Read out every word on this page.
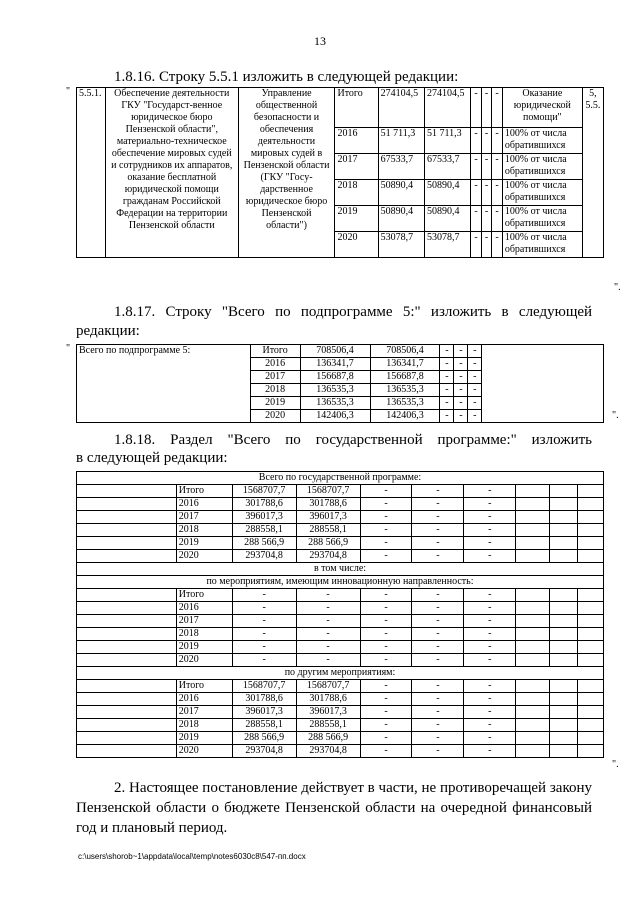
13
1.8.16. Строку 5.5.1 изложить в следующей редакции:
" 5.5.1.	Обеспечение деятельности ГКУ "Государст-венное юридическое бюро Пензенской области", материально-техническое обеспечение мировых судей и сотрудников их аппаратов, оказание бесплатной юридической помощи гражданам Российской Федерации на территории Пензенской области	Управление общественной безопасности и обеспечения деятельности мировых судей в Пензенской области (ГКУ "Госу-дарственное юридическое бюро Пензенской области")	Итого	274104,5	274104,5	-	-	-	Оказание юридической помощи"	5, 5.5.
			2016	51 711,3	51 711,3	-	-	-	100% от числа обратившихся	
			2017	67533,7	67533,7	-	-	-	100% от числа обратившихся	
			2018	50890,4	50890,4	-	-	-	100% от числа обратившихся	
			2019	50890,4	50890,4	-	-	-	100% от числа обратившихся	
			2020	53078,7	53078,7	-	-	-	100% от числа обратившихся	
".
1.8.17. Строку "Всего по подпрограмме 5:" изложить в следующей
редакции:
" Всего по подпрограмме 5:	Итого	708506,4	708506,4	-	-	-	
	2016	136341,7	136341,7	-	-	-	
	2017	156687,8	156687,8	-	-	-	
	2018	136535,3	136535,3	-	-	-	
	2019	136535,3	136535,3	-	-	-	
	2020	142406,3	142406,3	-	-	-		".
1.8.18. Раздел "Всего по государственной программе:" изложить
в следующей редакции:
Всего по государственной программе:									
	Итого	1568707,7	1568707,7	-	-	-			
	2016	301788,6	301788,6	-	-	-			
	2017	396017,3	396017,3	-	-	-			
	2018	288558,1	288558,1	-	-	-			
	2019	288 566,9	288 566,9	-	-	-			
	2020	293704,8	293704,8	-	-	-			
в том числе:									
по мероприятиям, имеющим инновационную направленность:									
	Итого	-	-	-	-	-			
	2016	-	-	-	-	-			
	2017	-	-	-	-	-			
	2018	-	-	-	-	-			
	2019	-	-	-	-	-			
	2020	-	-	-	-	-			
по другим мероприятиям:									
	Итого	1568707,7	1568707,7	-	-	-			
	2016	301788,6	301788,6	-	-	-			
	2017	396017,3	396017,3	-	-	-			
	2018	288558,1	288558,1	-	-	-			
	2019	288 566,9	288 566,9	-	-	-			
	2020	293704,8	293704,8	-	-	-			
".
2. Настоящее постановление действует в части, не противоречащей закону Пензенской области о бюджете Пензенской области на очередной финансовый год и плановый период.
c:\users\shorob~1\appdata\local\temp\notes6030c8\547-пп.docx
